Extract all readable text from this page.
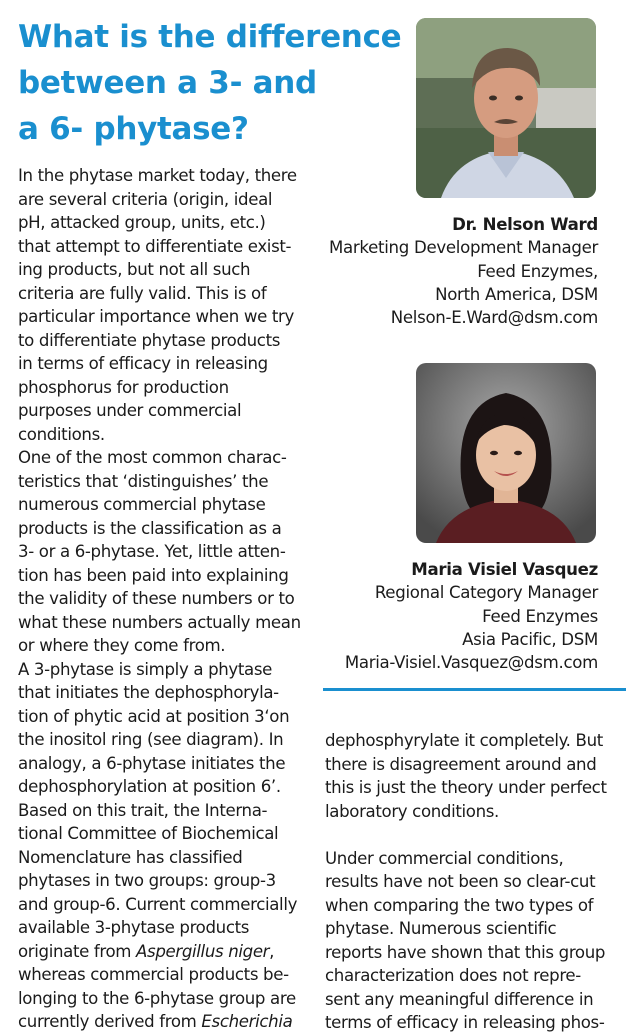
What is the difference
between a 3- and
a 6- phytase?
In the phytase market today, there
are several criteria (origin, ideal
pH, attacked group, units, etc.)
that attempt to differentiate exist-
ing products, but not all such
criteria are fully valid. This is of
particular importance when we try
to differentiate phytase products
in terms of efficacy in releasing
phosphorus for production
purposes under commercial
conditions.
One of the most common charac-
teristics that ‘distinguishes’ the
numerous commercial phytase
products is the classification as a
3- or a 6-phytase. Yet, little atten-
tion has been paid into explaining
the validity of these numbers or to
what these numbers actually mean
or where they come from.
A 3-phytase is simply a phytase
that initiates the dephosphoryla-
tion of phytic acid at position 3‘on
the inositol ring (see diagram). In
analogy, a 6-phytase initiates the
dephosphorylation at position 6’.
Based on this trait, the Interna-
tional Committee of Biochemical
Nomenclature has classified
phytases in two groups: group-3
and group-6. Current commercially
available 3-phytase products
originate from Aspergillus niger,
whereas commercial products be-
longing to the 6-phytase group are
currently derived from Escherichia
Dr. Nelson Ward
Marketing Development Manager
Feed Enzymes,
North America, DSM
Nelson-E.Ward@dsm.com
Maria Visiel Vasquez
Regional Category Manager
Feed Enzymes
Asia Pacific, DSM
Maria-Visiel.Vasquez@dsm.com
dephosphyrylate it completely. But
there is disagreement around and
this is just the theory under perfect
laboratory conditions.
Under commercial conditions,
results have not been so clear-cut
when comparing the two types of
phytase. Numerous scientific
reports have shown that this group
characterization does not repre-
sent any meaningful difference in
terms of efficacy in releasing phos-
